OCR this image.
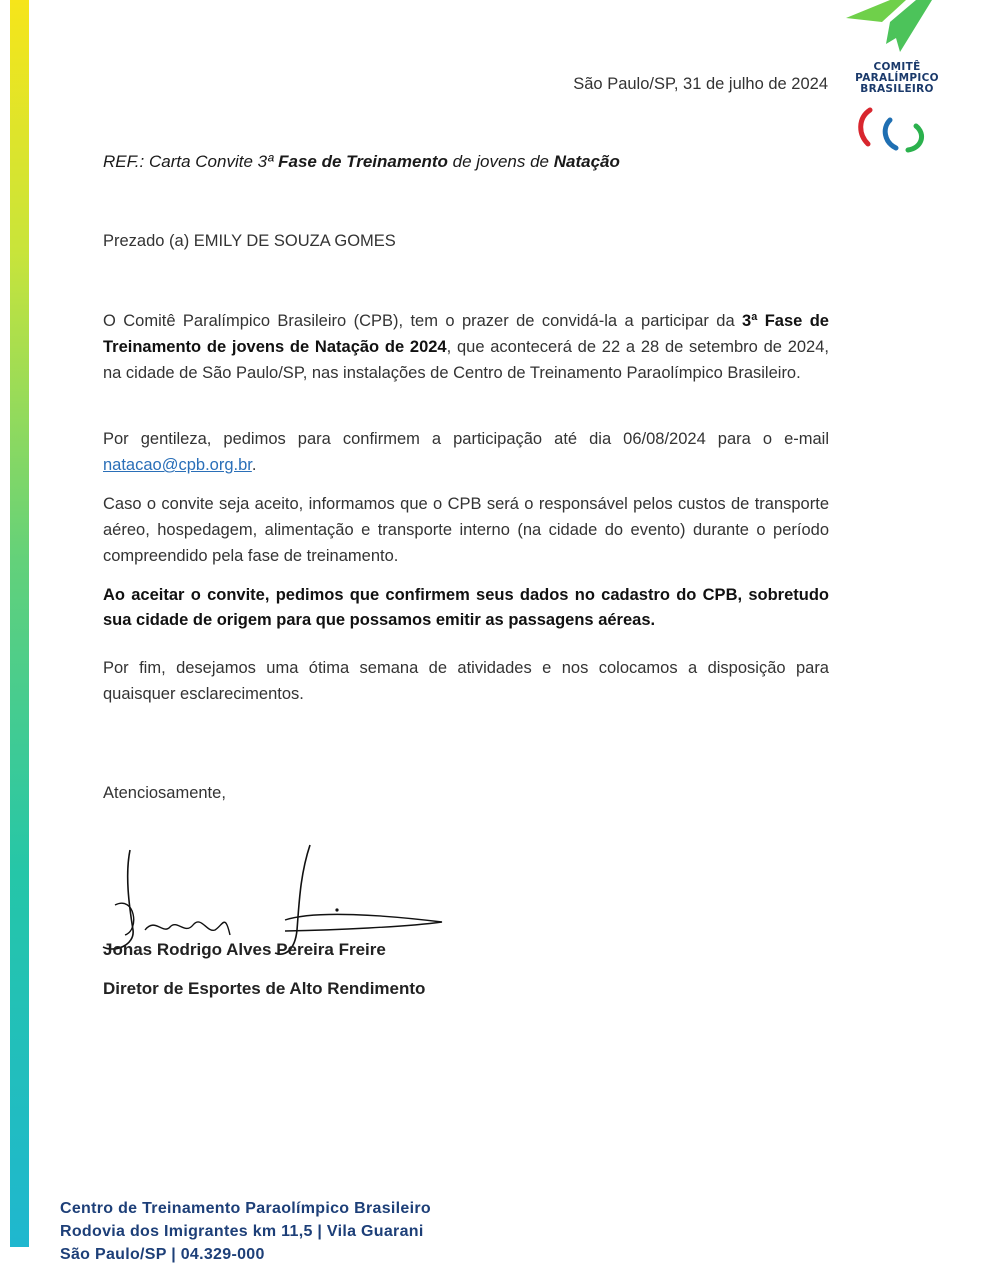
COMITÊ
PARALÍMPICO
BRASILEIRO
São Paulo/SP, 31 de julho de 2024
REF.: Carta Convite 3ª Fase de Treinamento de jovens de Natação
Prezado (a) EMILY DE SOUZA GOMES

O Comitê Paralímpico Brasileiro (CPB), tem o prazer de convidá-la a participar da 3ª Fase de Treinamento de jovens de Natação de 2024, que acontecerá de 22 a 28 de setembro de 2024, na cidade de São Paulo/SP, nas instalações de Centro de Treinamento Paraolímpico Brasileiro.

Por gentileza, pedimos para confirmem a participação até dia 06/08/2024 para o e-mail natacao@cpb.org.br.

Caso o convite seja aceito, informamos que o CPB será o responsável pelos custos de transporte aéreo, hospedagem, alimentação e transporte interno (na cidade do evento) durante o período compreendido pela fase de treinamento.

Ao aceitar o convite, pedimos que confirmem seus dados no cadastro do CPB, sobretudo sua cidade de origem para que possamos emitir as passagens aéreas.

Por fim, desejamos uma ótima semana de atividades e nos colocamos a disposição para quaisquer esclarecimentos.

Atenciosamente,
Jonas Rodrigo Alves Pereira Freire
Diretor de Esportes de Alto Rendimento
Centro de Treinamento Paraolímpico Brasileiro
Rodovia dos Imigrantes km 11,5 | Vila Guarani
São Paulo/SP | 04.329-000
